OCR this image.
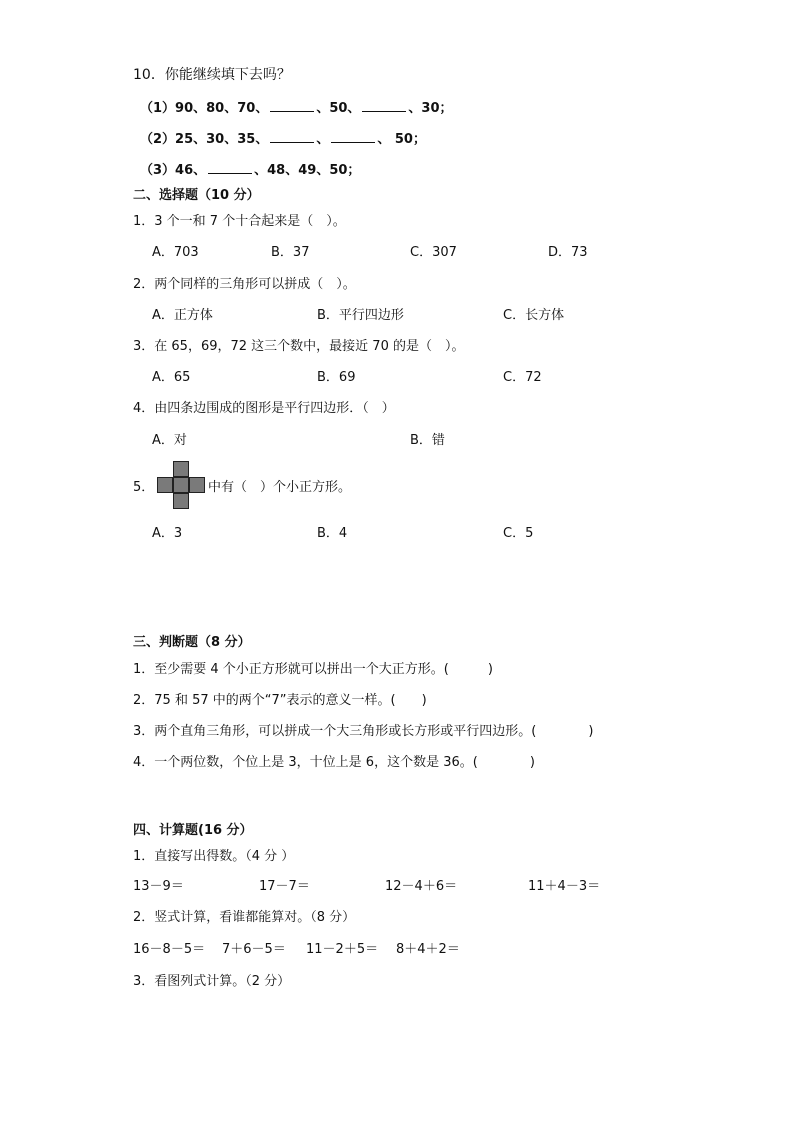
10．你能继续填下去吗？
（1）90、80、70、	、50、	、30；
（2）25、30、35、	、	、 50；
（3）46、	、48、49、50；
二、选择题（10 分）
1．3 个一和 7 个十合起来是（　）。
A．703	B．37	C．307	D．73
2．两个同样的三角形可以拼成（　）。
A．正方体	B．平行四边形	C．长方体
3．在 65，69，72 这三个数中，最接近 70 的是（　）。
A．65	B．69	C．72
4．由四条边围成的图形是平行四边形．（　）
A．对	B．错
5．	中有（　）个小正方形。
A．3	B．4	C．5
三、判断题（8 分）
1．至少需要 4 个小正方形就可以拼出一个大正方形。(　　　)
2．75 和 57 中的两个“7”表示的意义一样。(　　)
3．两个直角三角形，可以拼成一个大三角形或长方形或平行四边形。(　　　　)
4．一个两位数，个位上是 3，十位上是 6，这个数是 36。(　　　　)
四、计算题(16 分）
1．直接写出得数。（4 分 ）
13－9＝	17－7＝	12－4＋6＝	11＋4－3＝
2．竖式计算，看谁都能算对。（8 分）
16－8－5＝ 7＋6－5＝ 11－2＋5＝ 8＋4＋2＝
3．看图列式计算。（2 分）
